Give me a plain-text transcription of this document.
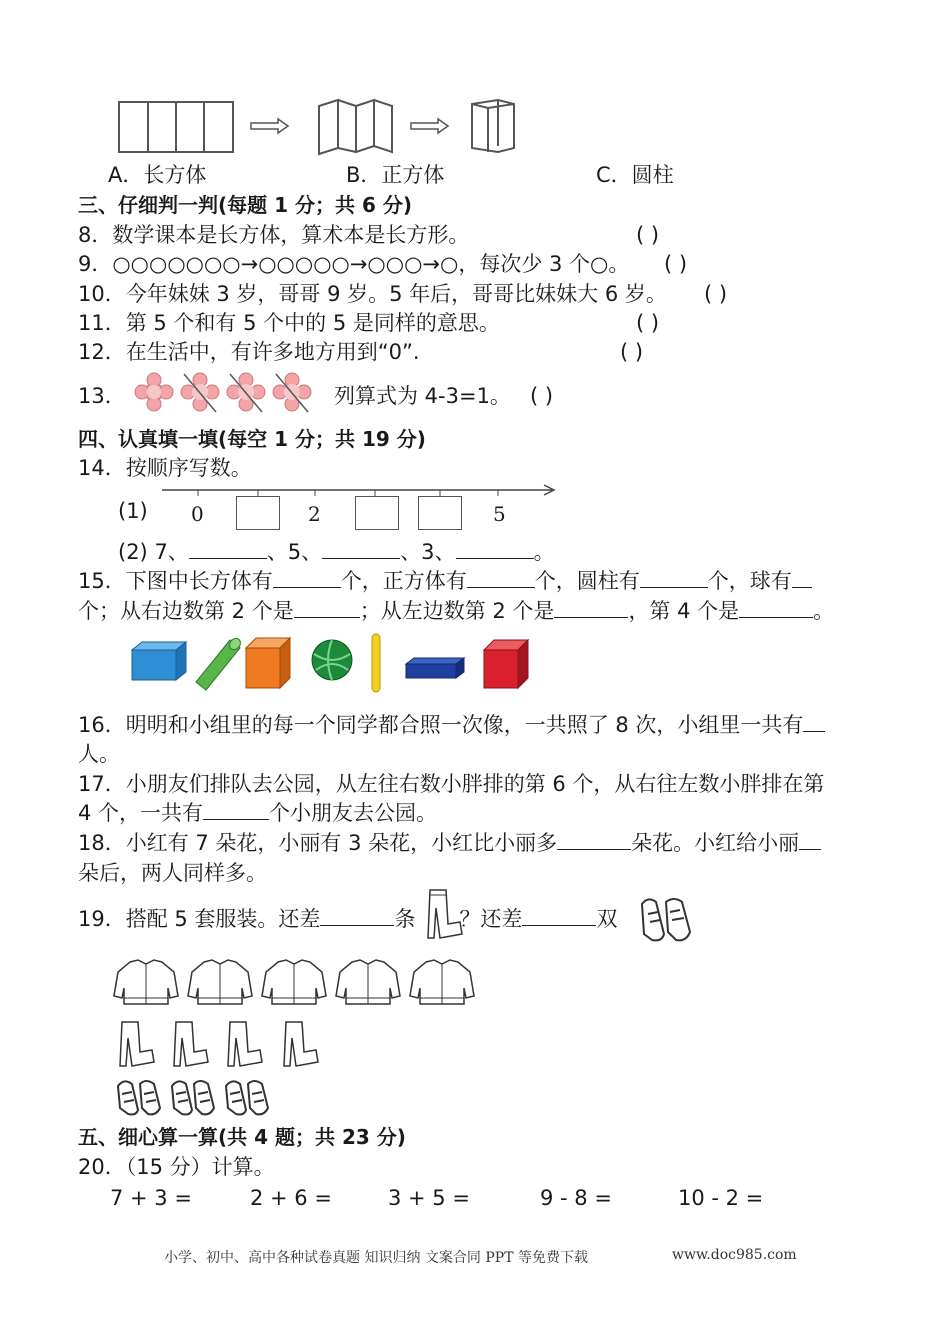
A．长方体	B．正方体	C．圆柱
三、仔细判一判(每题 1 分；共 6 分)
8．数学课本是长方体，算术本是长方形。	( )
9．○○○○○○○→○○○○○→○○○→○，每次少 3 个○。 ( )
10．今年妹妹 3 岁，哥哥 9 岁。5 年后，哥哥比妹妹大 6 岁。 ( )
11．第 5 个和有 5 个中的 5 是同样的意思。	( )
12．在生活中，有许多地方用到“0”.	( )
13．	列算式为 4-3=1。 ( )
四、认真填一填(每空 1 分；共 19 分)
14．按顺序写数。
(1) 0	2	5
(2) 7、	、5、	、3、	。
15．下图中长方体有	个，正方体有	个，圆柱有	个，球有
个；从右边数第 2 个是	；从左边数第 2 个是	，第 4 个是	。
16．明明和小组里的每一个同学都合照一次像，一共照了 8 次，小组里一共有
人。
17．小朋友们排队去公园，从左往右数小胖排的第 6 个，从右往左数小胖排在第
4 个，一共有	个小朋友去公园。
18．小红有 7 朵花，小丽有 3 朵花，小红比小丽多	朵花。小红给小丽
朵后，两人同样多。
19．搭配 5 套服装。还差	条 ？还差	双
五、细心算一算(共 4 题；共 23 分)
20．（15 分）计算。
7 + 3 =	2 + 6 =	3 + 5 =	9 - 8 =	10 - 2 =
小学、初中、高中各种试卷真题 知识归纳 文案合同 PPT 等免费下载	www.doc985.com
